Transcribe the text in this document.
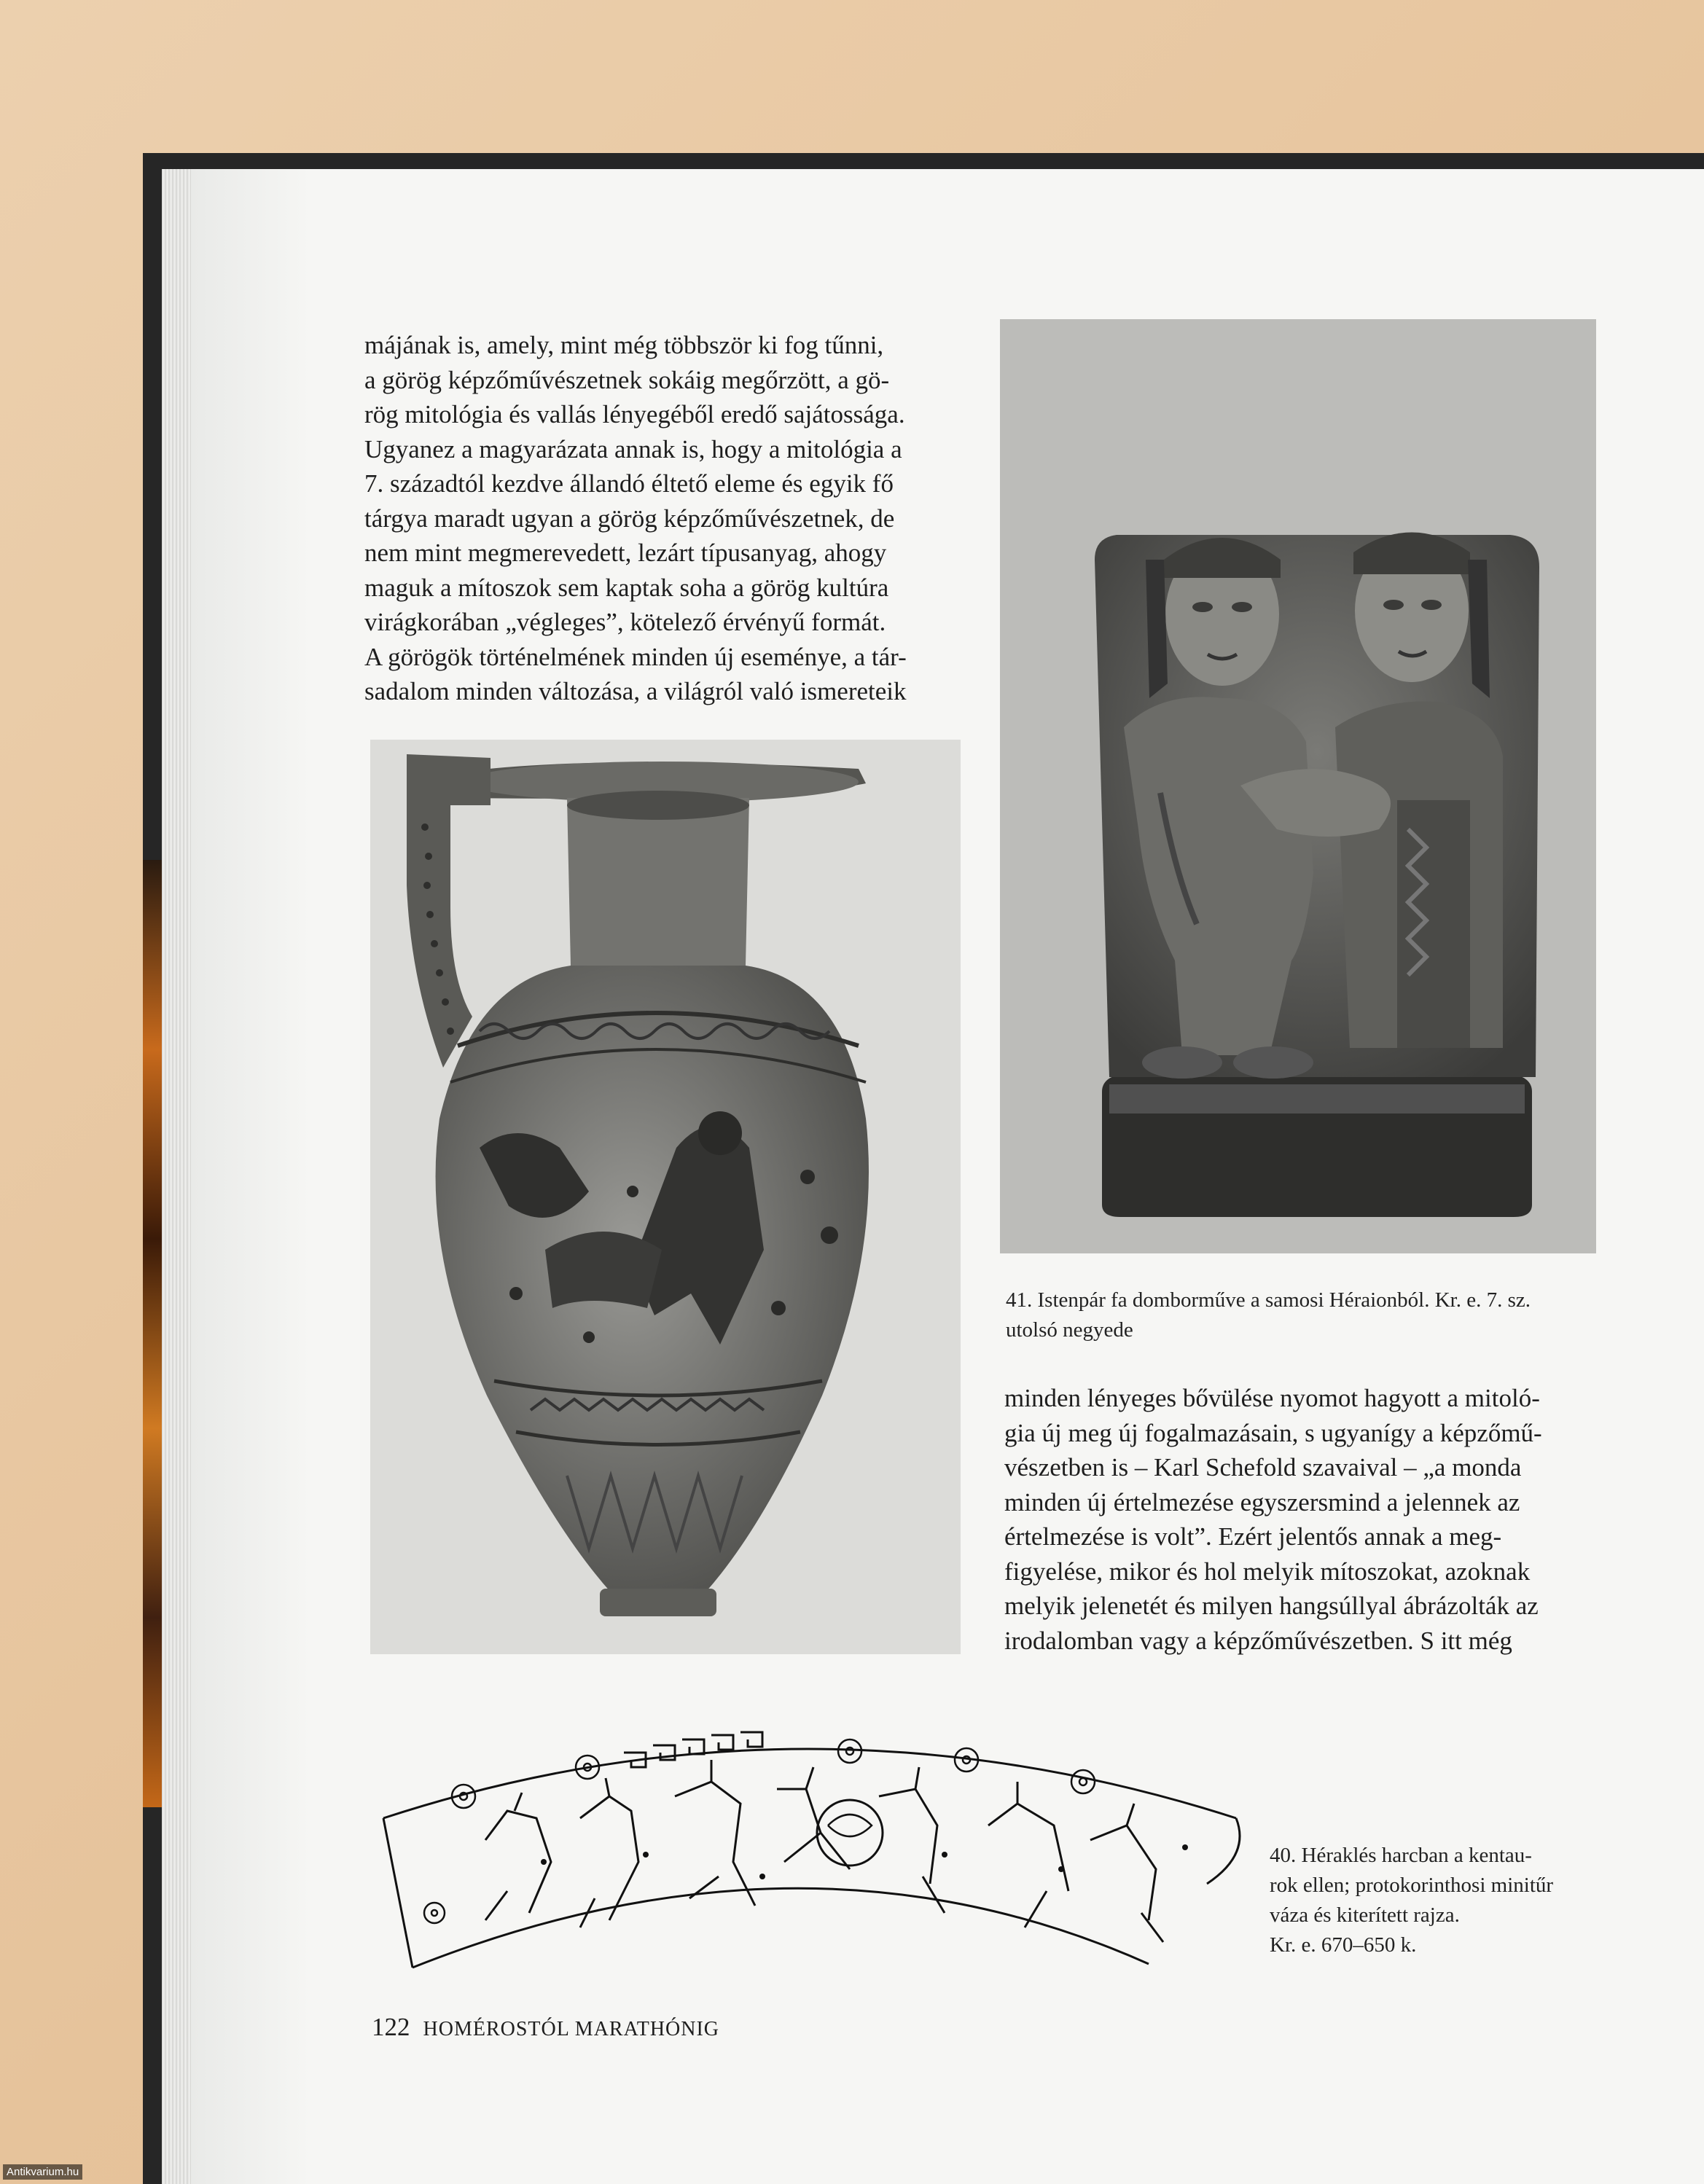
májának is, amely, mint még többször ki fog tűnni,
a görög képzőművészetnek sokáig megőrzött, a gö-
rög mitológia és vallás lényegéből eredő sajátossága.
Ugyanez a magyarázata annak is, hogy a mitológia a
7. századtól kezdve állandó éltető eleme és egyik fő
tárgya maradt ugyan a görög képzőművészetnek, de
nem mint megmerevedett, lezárt típusanyag, ahogy
maguk a mítoszok sem kaptak soha a görög kultúra
virágkorában „végleges”, kötelező érvényű formát.
A görögök történelmének minden új eseménye, a tár-
sadalom minden változása, a világról való ismereteik

41. Istenpár fa domborműve a samosi Héraionból. Kr. e. 7. sz.
utolsó negyede

minden lényeges bővülése nyomot hagyott a mitoló-
gia új meg új fogalmazásain, s ugyanígy a képzőmű-
vészetben is – Karl Schefold szavaival – „a monda
minden új értelmezése egyszersmind a jelennek az
értelmezése is volt”. Ezért jelentős annak a meg-
figyelése, mikor és hol melyik mítoszokat, azoknak
melyik jelenetét és milyen hangsúllyal ábrázolták az
irodalomban vagy a képzőművészetben. S itt még

40. Héraklés harcban a kentau-
rok ellen; protokorinthosi minitűr
váza és kiterített rajza.
Kr. e. 670–650 k.

122 HOMÉROSTÓL MARATHÓNIG
Antikvarium.hu
